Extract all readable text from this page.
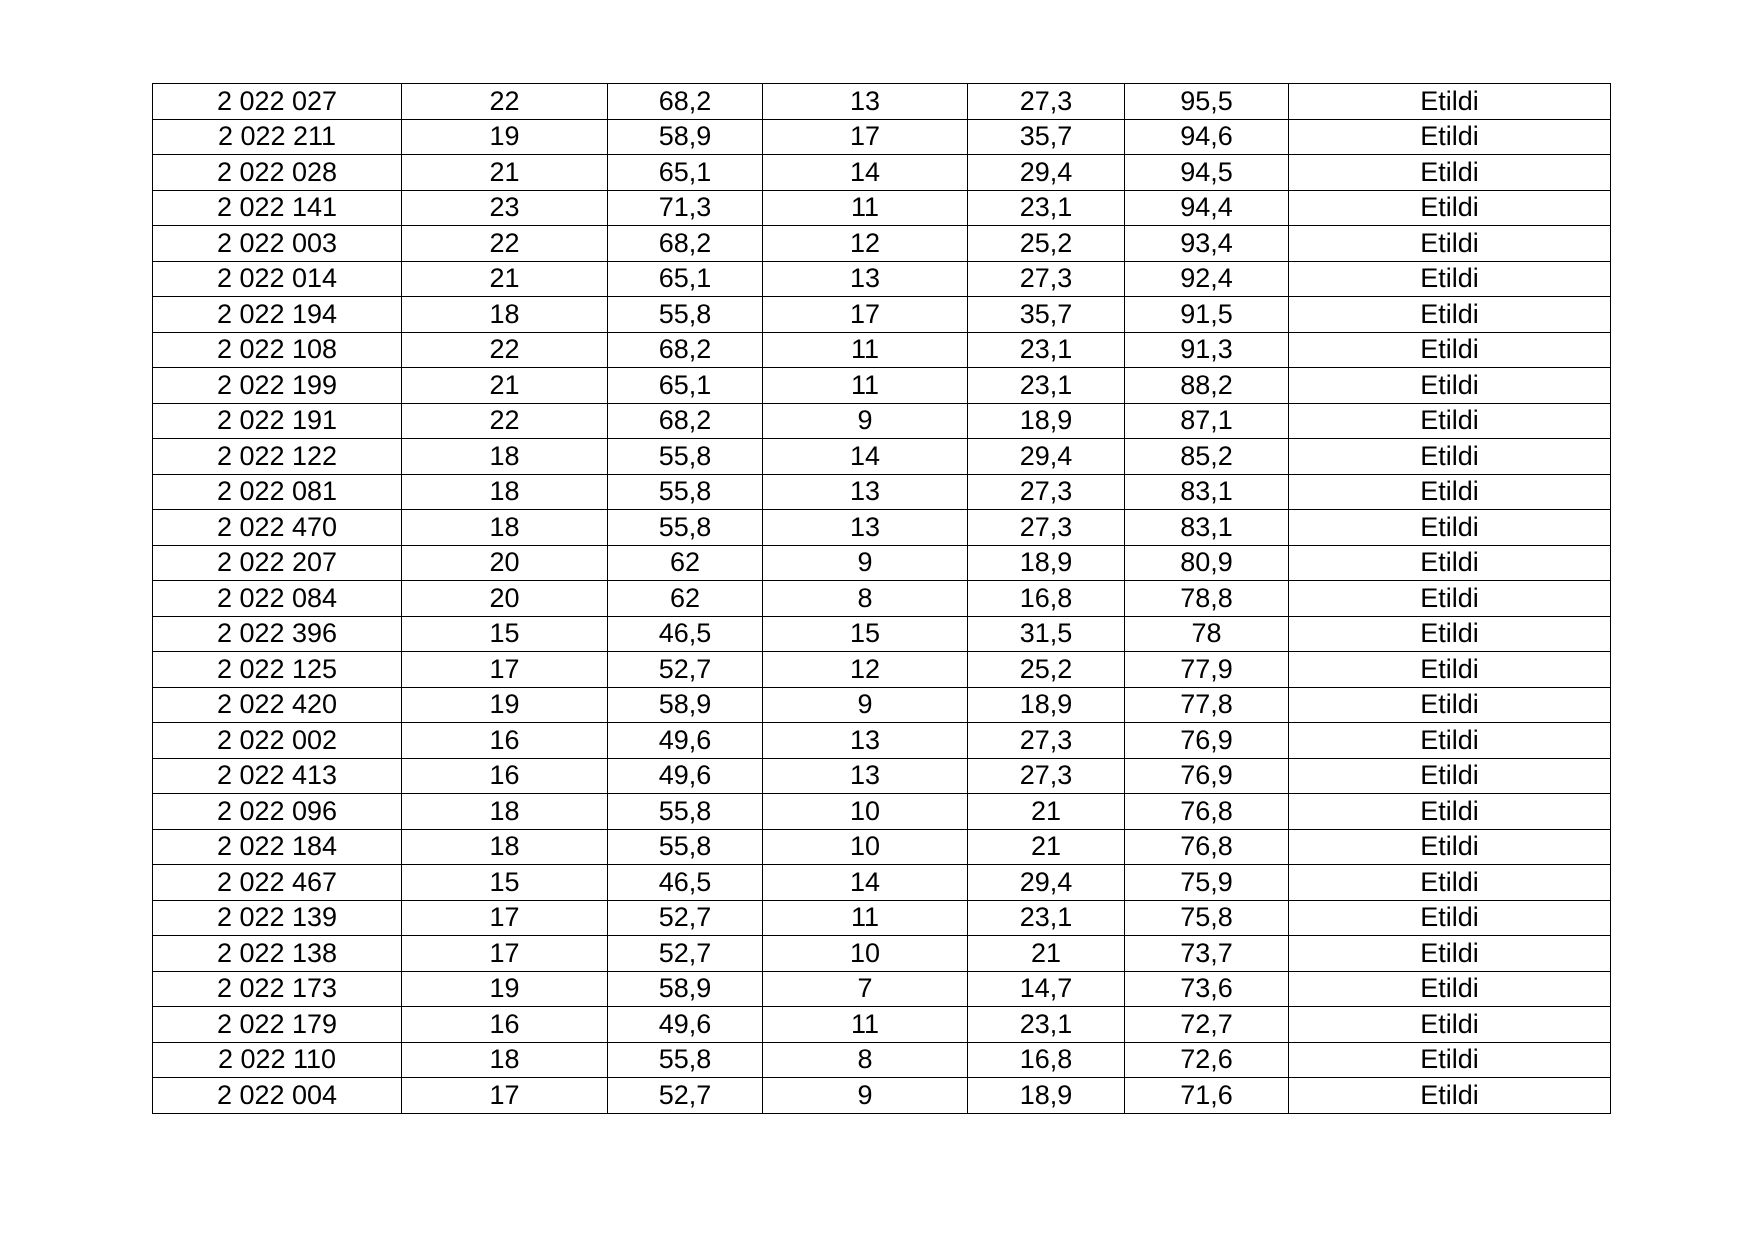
2 022 027	22	68,2	13	27,3	95,5	Etildi
2 022 211	19	58,9	17	35,7	94,6	Etildi
2 022 028	21	65,1	14	29,4	94,5	Etildi
2 022 141	23	71,3	11	23,1	94,4	Etildi
2 022 003	22	68,2	12	25,2	93,4	Etildi
2 022 014	21	65,1	13	27,3	92,4	Etildi
2 022 194	18	55,8	17	35,7	91,5	Etildi
2 022 108	22	68,2	11	23,1	91,3	Etildi
2 022 199	21	65,1	11	23,1	88,2	Etildi
2 022 191	22	68,2	9	18,9	87,1	Etildi
2 022 122	18	55,8	14	29,4	85,2	Etildi
2 022 081	18	55,8	13	27,3	83,1	Etildi
2 022 470	18	55,8	13	27,3	83,1	Etildi
2 022 207	20	62	9	18,9	80,9	Etildi
2 022 084	20	62	8	16,8	78,8	Etildi
2 022 396	15	46,5	15	31,5	78	Etildi
2 022 125	17	52,7	12	25,2	77,9	Etildi
2 022 420	19	58,9	9	18,9	77,8	Etildi
2 022 002	16	49,6	13	27,3	76,9	Etildi
2 022 413	16	49,6	13	27,3	76,9	Etildi
2 022 096	18	55,8	10	21	76,8	Etildi
2 022 184	18	55,8	10	21	76,8	Etildi
2 022 467	15	46,5	14	29,4	75,9	Etildi
2 022 139	17	52,7	11	23,1	75,8	Etildi
2 022 138	17	52,7	10	21	73,7	Etildi
2 022 173	19	58,9	7	14,7	73,6	Etildi
2 022 179	16	49,6	11	23,1	72,7	Etildi
2 022 110	18	55,8	8	16,8	72,6	Etildi
2 022 004	17	52,7	9	18,9	71,6	Etildi
